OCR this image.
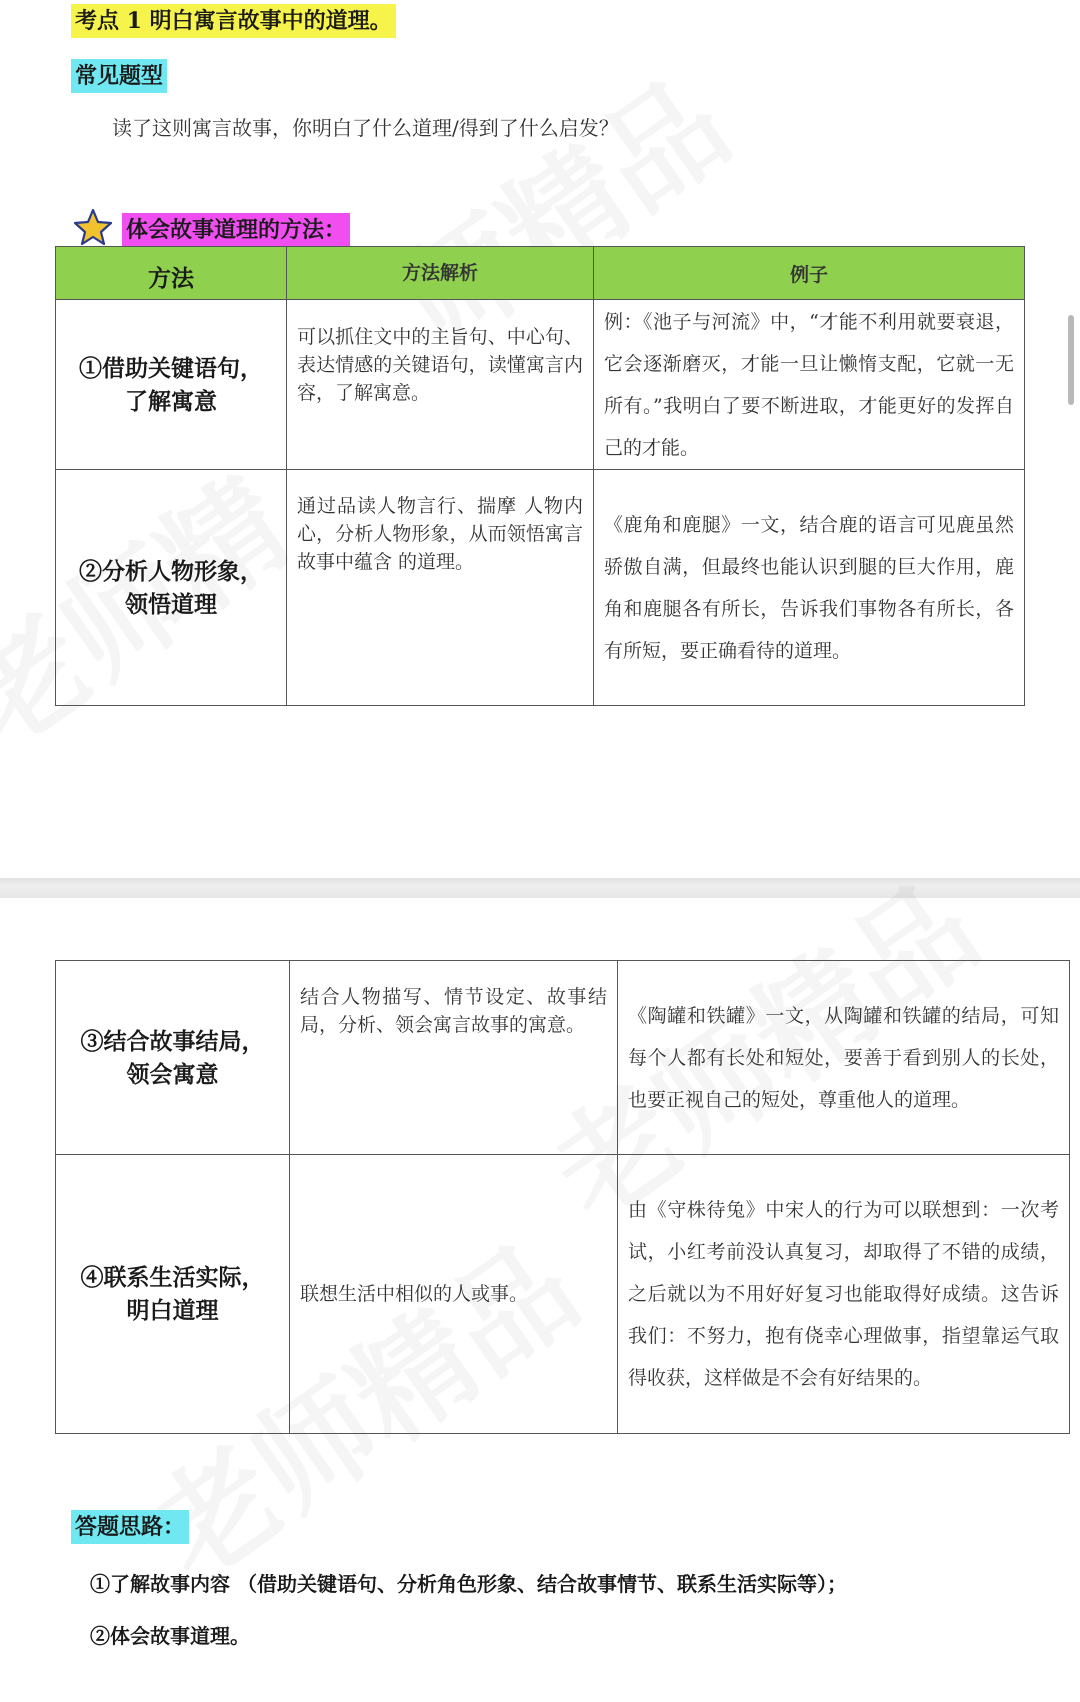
考点 1 明白寓言故事中的道理。
常见题型
读了这则寓言故事，你明白了什么道理/得到了什么启发？
体会故事道理的方法：
方法	方法解析	例子

①借助关键语句，
了解寓意	可以抓住文中的主旨句、中心句、表达情感的关键语句，读懂寓言内容，了解寓意。	例：《池子与河流》中，“才能不利用就要衰退，它会逐渐磨灭，才能一旦让懒惰支配，它就一无所有。”我明白了要不断进取，才能更好的发挥自己的才能。

②分析人物形象，
领悟道理	通过品读人物言行、揣摩 人物内心，分析人物形象，从而领悟寓言故事中蕴含 的道理。	《鹿角和鹿腿》一文，结合鹿的语言可见鹿虽然骄傲自满，但最终也能认识到腿的巨大作用，鹿角和鹿腿各有所长，告诉我们事物各有所长，各有所短，要正确看待的道理。
③结合故事结局，
领会寓意	结合人物描写、情节设定、故事结局，分析、领会寓言故事的寓意。	《陶罐和铁罐》一文，从陶罐和铁罐的结局，可知每个人都有长处和短处，要善于看到别人的长处，也要正视自己的短处，尊重他人的道理。

④联系生活实际，
明白道理	联想生活中相似的人或事。	由《守株待兔》中宋人的行为可以联想到：一次考试，小红考前没认真复习，却取得了不错的成绩，之后就以为不用好好复习也能取得好成绩。这告诉我们：不努力，抱有侥幸心理做事，指望靠运气取得收获，这样做是不会有好结果的。
答题思路：
①了解故事内容 （借助关键语句、分析角色形象、结合故事情节、联系生活实际等）；
②体会故事道理。
